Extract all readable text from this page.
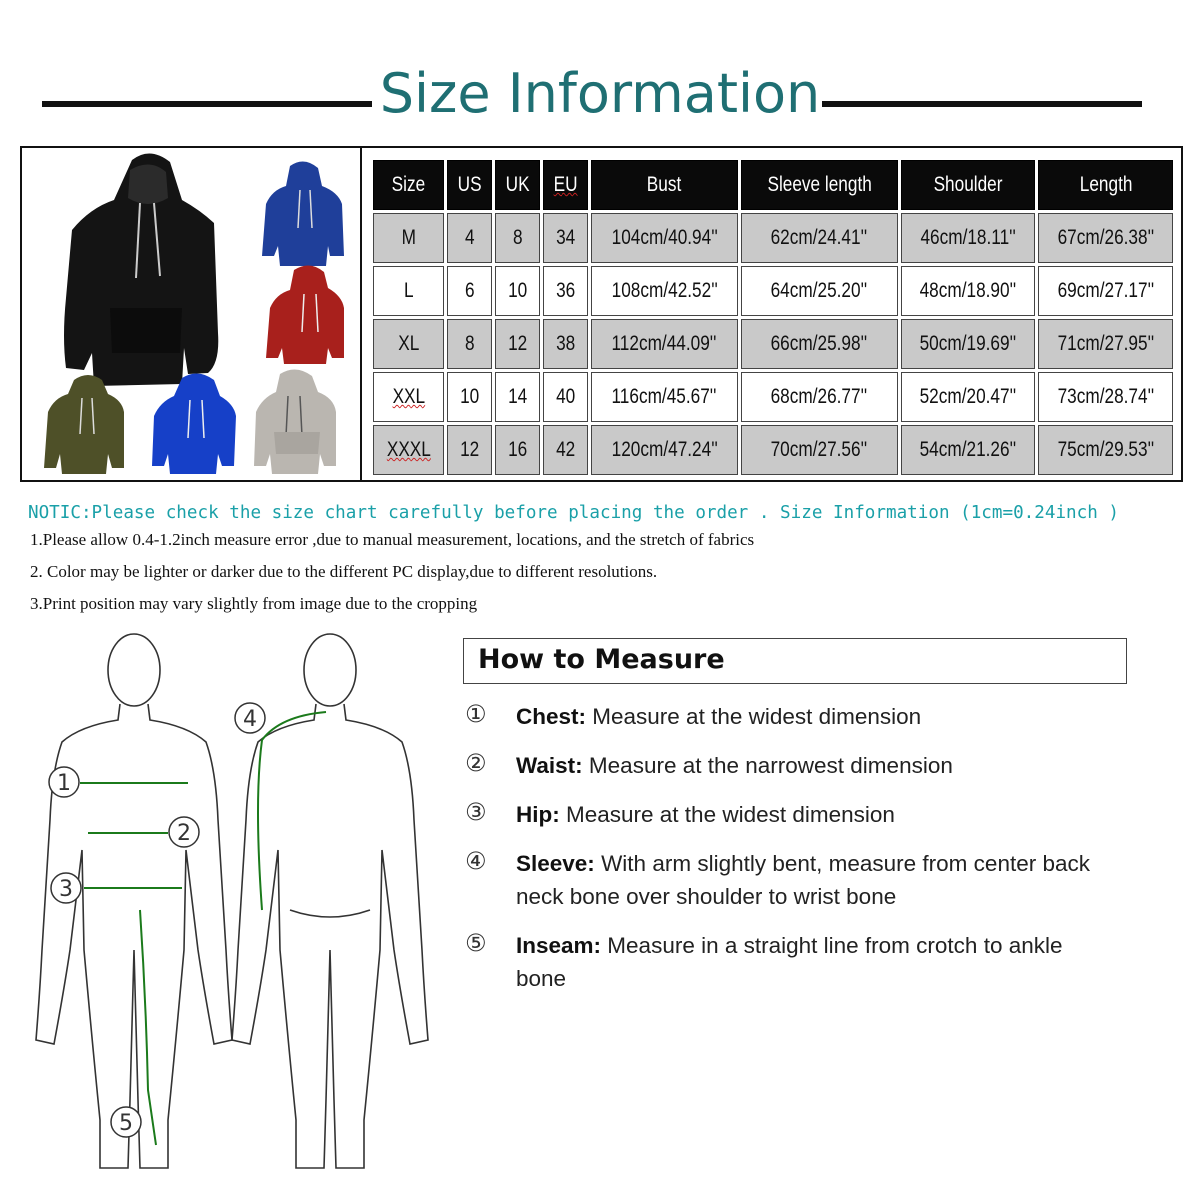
Size Information
Size	US	UK	EU	Bust	Sleeve length	Shoulder	Length
M	4	8	34	104cm/40.94''	62cm/24.41''	46cm/18.11''	67cm/26.38''
L	6	10	36	108cm/42.52''	64cm/25.20''	48cm/18.90''	69cm/27.17''
XL	8	12	38	112cm/44.09''	66cm/25.98''	50cm/19.69''	71cm/27.95''
XXL	10	14	40	116cm/45.67''	68cm/26.77''	52cm/20.47''	73cm/28.74''
XXXL	12	16	42	120cm/47.24''	70cm/27.56''	54cm/21.26''	75cm/29.53''
NOTIC:Please check the size chart carefully before placing the order . Size Information (1cm=0.24inch )
1.Please allow 0.4-1.2inch measure error ,due to manual measurement, locations, and the stretch of fabrics
2. Color may be lighter or darker due to the different PC display,due to different resolutions.
3.Print position may vary slightly from image due to the cropping
1
2
3
4
5
How to Measure
① Chest: Measure at the widest dimension
② Waist: Measure at the narrowest dimension
③ Hip: Measure at the widest dimension
④ Sleeve: With arm slightly bent, measure from center back neck bone over shoulder to wrist bone
⑤ Inseam: Measure in a straight line from crotch to ankle bone
